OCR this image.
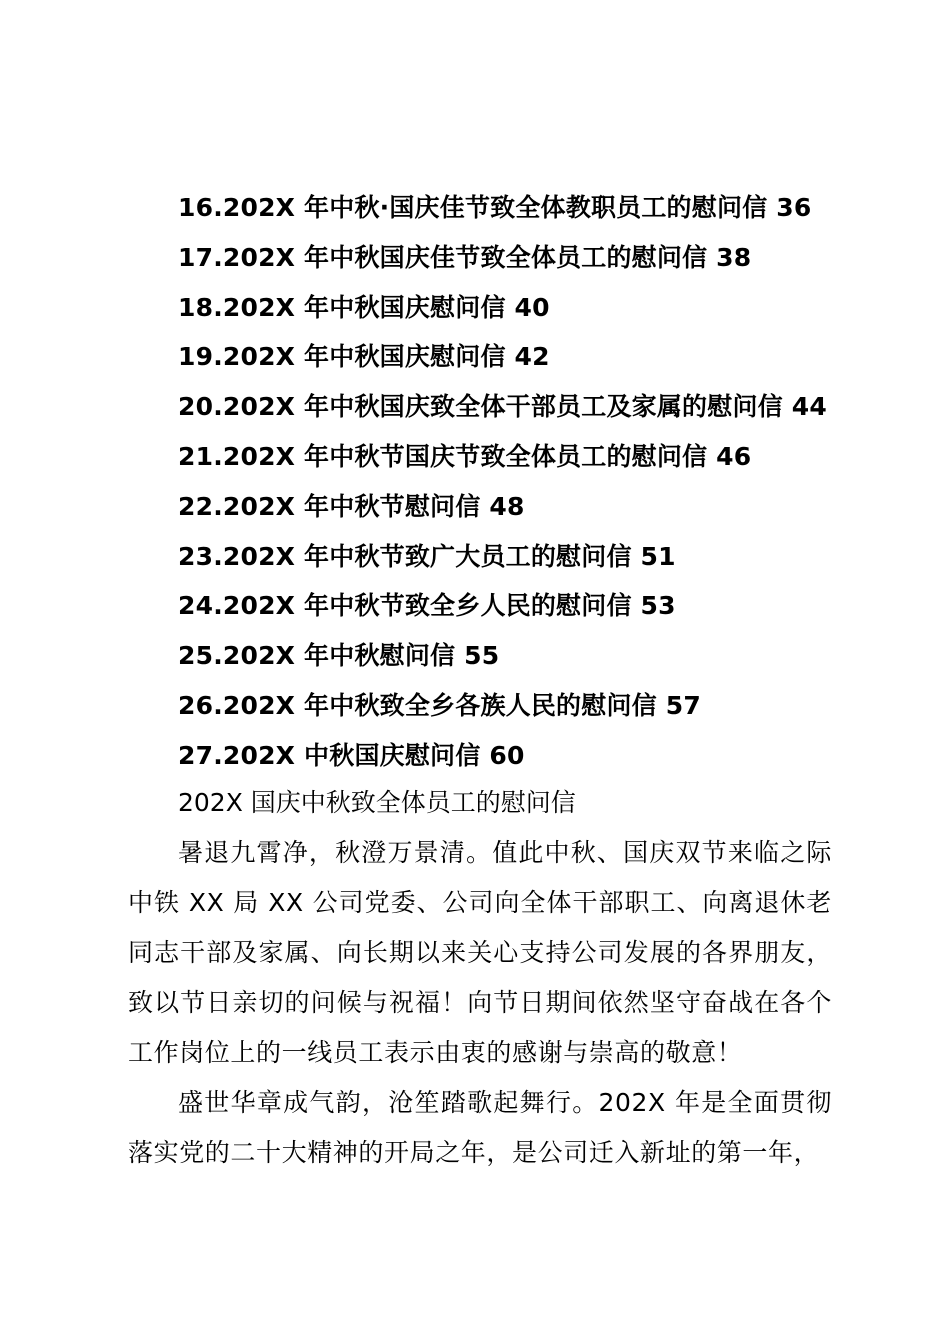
16.202X 年中秋·国庆佳节致全体教职员工的慰问信 36
17.202X 年中秋国庆佳节致全体员工的慰问信 38
18.202X 年中秋国庆慰问信 40
19.202X 年中秋国庆慰问信 42
20.202X 年中秋国庆致全体干部员工及家属的慰问信 44
21.202X 年中秋节国庆节致全体员工的慰问信 46
22.202X 年中秋节慰问信 48
23.202X 年中秋节致广大员工的慰问信 51
24.202X 年中秋节致全乡人民的慰问信 53
25.202X 年中秋慰问信 55
26.202X 年中秋致全乡各族人民的慰问信 57
27.202X 中秋国庆慰问信 60
202X 国庆中秋致全体员工的慰问信

暑退九霄净，秋澄万景清。值此中秋、国庆双节来临之际中铁 XX 局 XX 公司党委、公司向全体干部职工、向离退休老同志干部及家属、向长期以来关心支持公司发展的各界朋友，致以节日亲切的问候与祝福！向节日期间依然坚守奋战在各个工作岗位上的一线员工表示由衷的感谢与崇高的敬意！

盛世华章成气韵，沧笙踏歌起舞行。202X 年是全面贯彻落实党的二十大精神的开局之年，是公司迁入新址的第一年，
